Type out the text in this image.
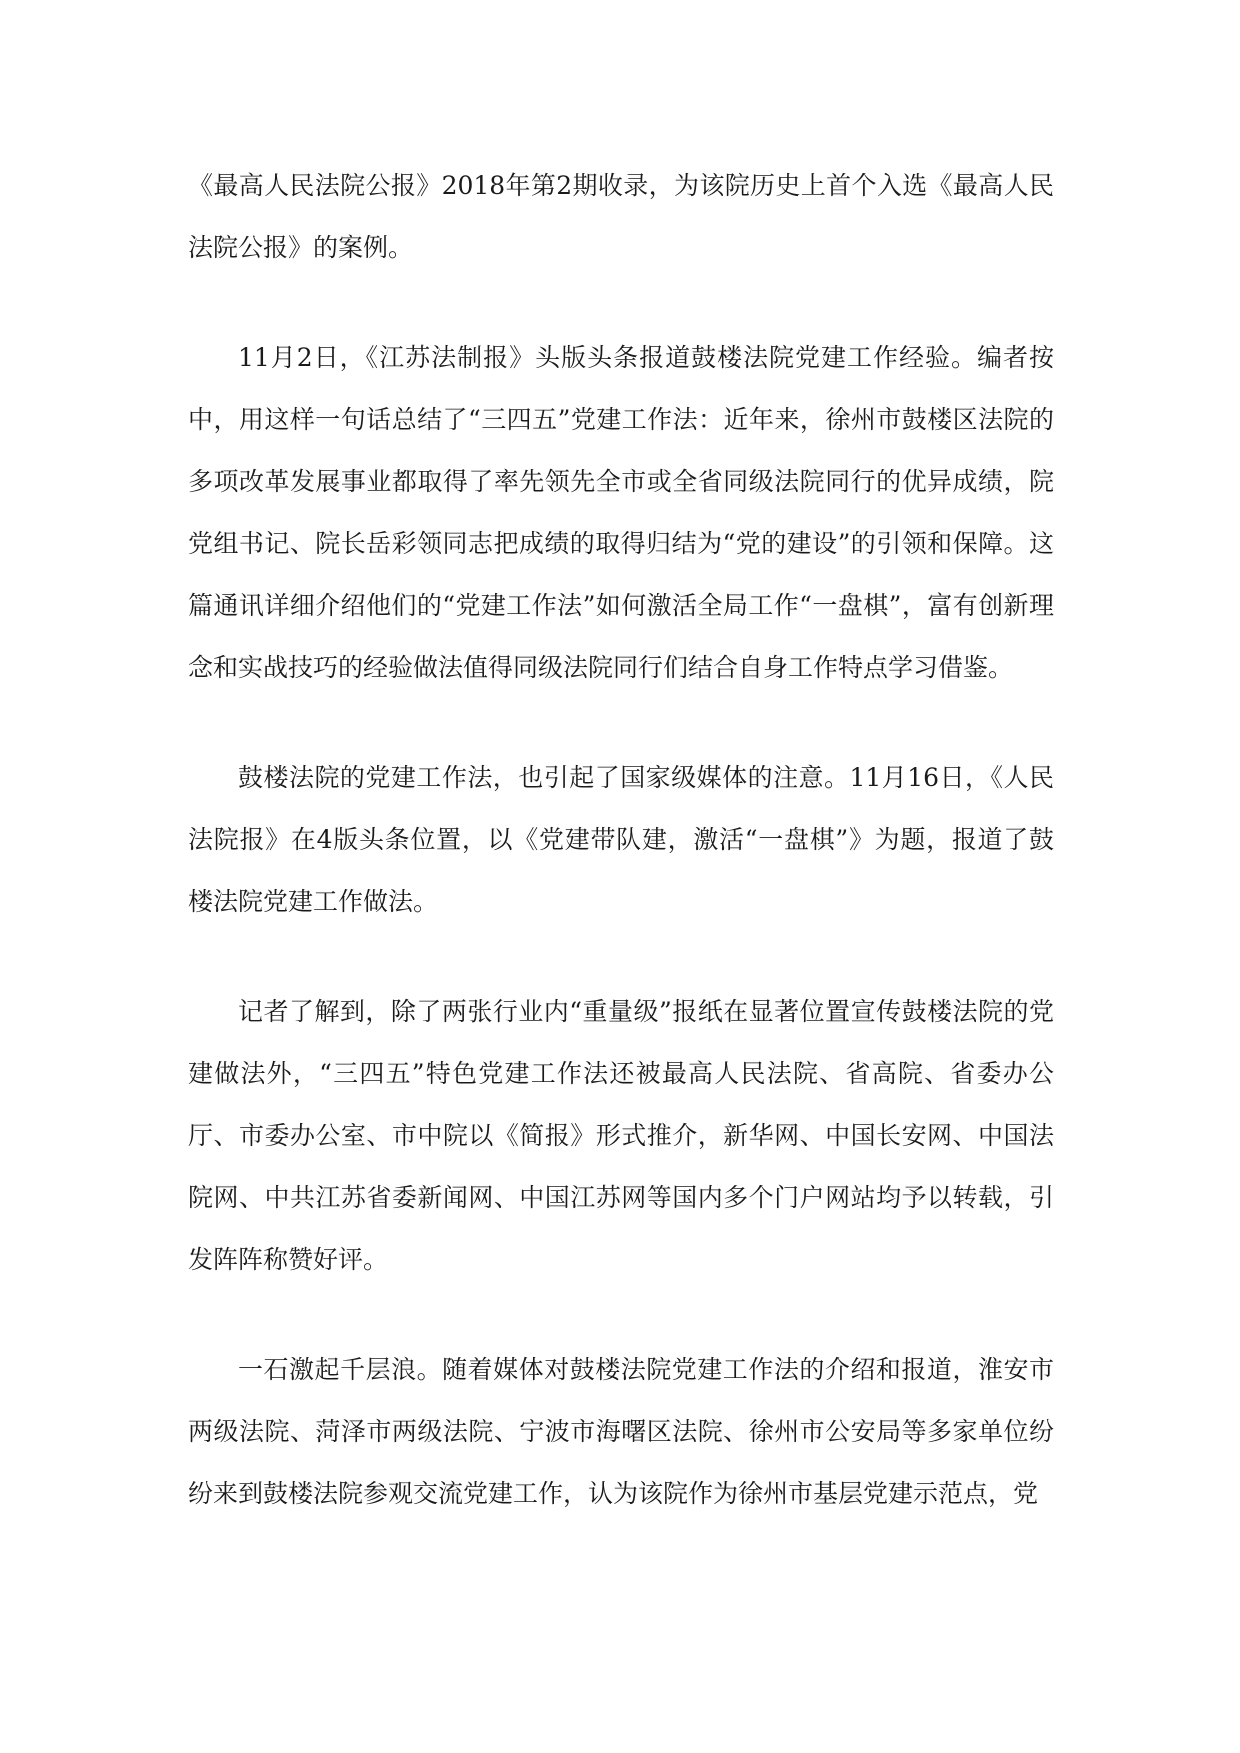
《最高人民法院公报》2018年第2期收录，为该院历史上首个入选《最高人民法院公报》的案例。

11月2日，《江苏法制报》头版头条报道鼓楼法院党建工作经验。编者按中，用这样一句话总结了“三四五”党建工作法：近年来，徐州市鼓楼区法院的多项改革发展事业都取得了率先领先全市或全省同级法院同行的优异成绩，院党组书记、院长岳彩领同志把成绩的取得归结为“党的建设”的引领和保障。这篇通讯详细介绍他们的“党建工作法”如何激活全局工作“一盘棋”，富有创新理念和实战技巧的经验做法值得同级法院同行们结合自身工作特点学习借鉴。

鼓楼法院的党建工作法，也引起了国家级媒体的注意。11月16日，《人民法院报》在4版头条位置，以《党建带队建，激活“一盘棋”》为题，报道了鼓楼法院党建工作做法。

记者了解到，除了两张行业内“重量级”报纸在显著位置宣传鼓楼法院的党建做法外，“三四五”特色党建工作法还被最高人民法院、省高院、省委办公厅、市委办公室、市中院以《简报》形式推介，新华网、中国长安网、中国法院网、中共江苏省委新闻网、中国江苏网等国内多个门户网站均予以转载，引发阵阵称赞好评。

一石激起千层浪。随着媒体对鼓楼法院党建工作法的介绍和报道，淮安市两级法院、菏泽市两级法院、宁波市海曙区法院、徐州市公安局等多家单位纷纷来到鼓楼法院参观交流党建工作，认为该院作为徐州市基层党建示范点，党
